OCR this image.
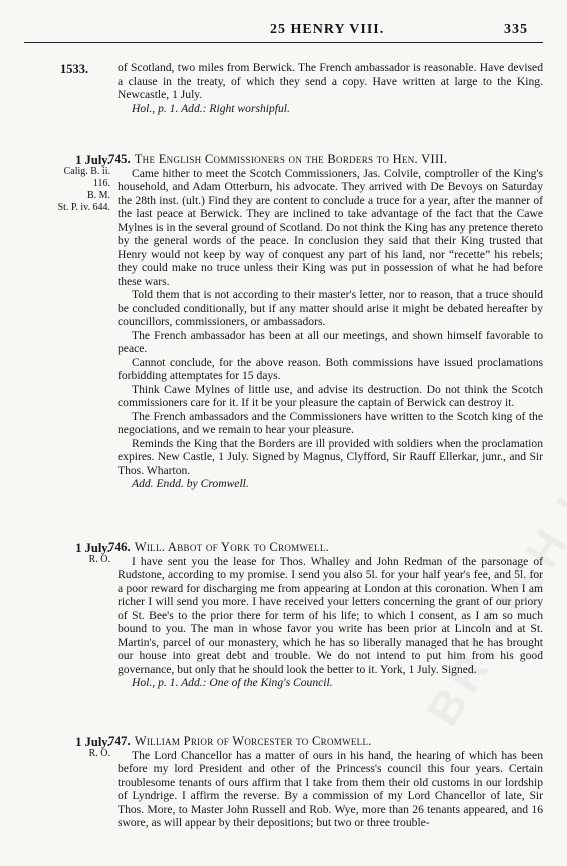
25 HENRY VIII.	335
1533.	of Scotland, two miles from Berwick. The French ambassador is reasonable. Have devised a clause in the treaty, of which they send a copy. Have written at large to the King. Newcastle, 1 July.

Hol., p. 1. Add.: Right worshipful.

1 July.
Calig. B. ii.
116.
B. M.
St. P. iv. 644.

745. The English Commissioners on the Borders to Hen. VIII.

Came hither to meet the Scotch Commissioners, Jas. Colvile, comptroller of the King's household, and Adam Otterburn, his advocate. They arrived with De Bevoys on Saturday the 28th inst. (ult.) Find they are content to conclude a truce for a year, after the manner of the last peace at Berwick. They are inclined to take advantage of the fact that the Cawe Mylnes is in the several ground of Scotland. Do not think the King has any pretence thereto by the general words of the peace. In conclusion they said that their King trusted that Henry would not keep by way of conquest any part of his land, nor “recette” his rebels; they could make no truce unless their King was put in possession of what he had before these wars.

Told them that is not according to their master's letter, nor to reason, that a truce should be concluded conditionally, but if any matter should arise it might be debated hereafter by councillors, commissioners, or ambassadors.

The French ambassador has been at all our meetings, and shown himself favorable to peace.

Cannot conclude, for the above reason. Both commissions have issued proclamations forbidding attemptates for 15 days.

Think Cawe Mylnes of little use, and advise its destruction. Do not think the Scotch commissioners care for it. If it be your pleasure the captain of Berwick can destroy it.

The French ambassadors and the Commissioners have written to the Scotch king of the negociations, and we remain to hear your pleasure.

Reminds the King that the Borders are ill provided with soldiers when the proclamation expires. New Castle, 1 July. Signed by Magnus, Clyfford, Sir Rauff Ellerkar, junr., and Sir Thos. Wharton.

Add. Endd. by Cromwell.

1 July.
R. O.

746. Will. Abbot of York to Cromwell.

I have sent you the lease for Thos. Whalley and John Redman of the parsonage of Rudstone, according to my promise. I send you also 5l. for your half year's fee, and 5l. for a poor reward for discharging me from appearing at London at this coronation. When I am richer I will send you more. I have received your letters concerning the grant of our priory of St. Bee's to the prior there for term of his life; to which I consent, as I am so much bound to you. The man in whose favor you write has been prior at Lincoln and at St. Martin's, parcel of our monastery, which he has so liberally managed that he has brought our house into great debt and trouble. We do not intend to put him from his good governance, but only that he should look the better to it. York, 1 July. Signed.

Hol., p. 1. Add.: One of the King's Council.

1 July.
R. O.

747. William Prior of Worcester to Cromwell.

The Lord Chancellor has a matter of ours in his hand, the hearing of which has been before my lord President and other of the Princess's council this four years. Certain troublesome tenants of ours affirm that I take from them their old customs in our lordship of Lyndrige. I affirm the reverse. By a commission of my Lord Chancellor of late, Sir Thos. More, to Master John Russell and Rob. Wye, more than 26 tenants appeared, and 16 swore, as will appear by their depositions; but two or three trouble-
